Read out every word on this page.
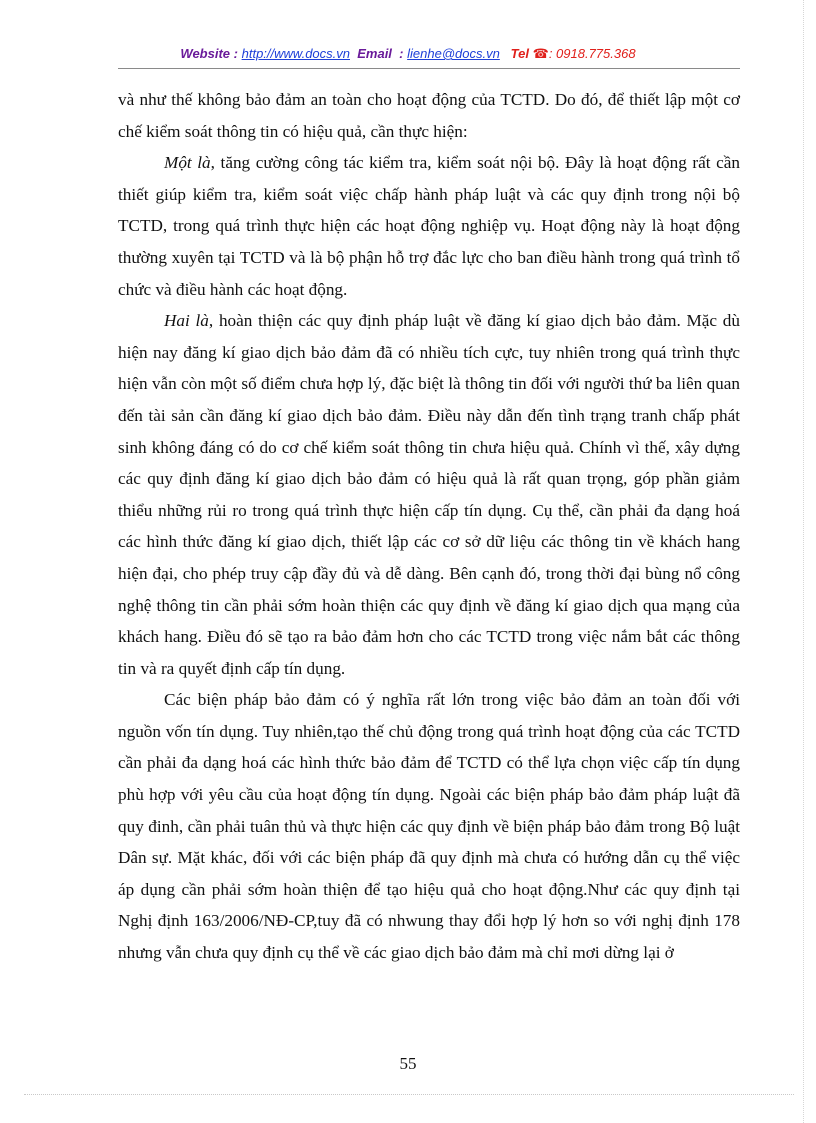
Website : http://www.docs.vn Email : lienhe@docs.vn Tel ☎: 0918.775.368

và như thế không bảo đảm an toàn cho hoạt động của TCTD. Do đó, để thiết lập một cơ chế kiểm soát thông tin có hiệu quả, cần thực hiện:

Một là, tăng cường công tác kiểm tra, kiểm soát nội bộ. Đây là hoạt động rất cần thiết giúp kiểm tra, kiểm soát việc chấp hành pháp luật và các quy định trong nội bộ TCTD, trong quá trình thực hiện các hoạt động nghiệp vụ. Hoạt động này là hoạt động thường xuyên tại TCTD và là bộ phận hỗ trợ đắc lực cho ban điều hành trong quá trình tổ chức và điều hành các hoạt động.

Hai là, hoàn thiện các quy định pháp luật về đăng kí giao dịch bảo đảm. Mặc dù hiện nay đăng kí giao dịch bảo đảm đã có nhiều tích cực, tuy nhiên trong quá trình thực hiện vẫn còn một số điểm chưa hợp lý, đặc biệt là thông tin đối với người thứ ba liên quan đến tài sản cần đăng kí giao dịch bảo đảm. Điều này dẫn đến tình trạng tranh chấp phát sinh không đáng có do cơ chế kiểm soát thông tin chưa hiệu quả. Chính vì thế, xây dựng các quy định đăng kí giao dịch bảo đảm có hiệu quả là rất quan trọng, góp phần giảm thiểu những rủi ro trong quá trình thực hiện cấp tín dụng. Cụ thể, cần phải đa dạng hoá các hình thức đăng kí giao dịch, thiết lập các cơ sở dữ liệu các thông tin về khách hang hiện đại, cho phép truy cập đầy đủ và dễ dàng. Bên cạnh đó, trong thời đại bùng nổ công nghệ thông tin cần phải sớm hoàn thiện các quy định về đăng kí giao dịch qua mạng của khách hang. Điều đó sẽ tạo ra bảo đảm hơn cho các TCTD trong việc nắm bắt các thông tin và ra quyết định cấp tín dụng.

Các biện pháp bảo đảm có ý nghĩa rất lớn trong việc bảo đảm an toàn đối với nguồn vốn tín dụng. Tuy nhiên,tạo thế chủ động trong quá trình hoạt động của các TCTD cần phải đa dạng hoá các hình thức bảo đảm để TCTD có thể lựa chọn việc cấp tín dụng phù hợp với yêu cầu của hoạt động tín dụng. Ngoài các biện pháp bảo đảm pháp luật đã quy đinh, cần phải tuân thủ và thực hiện các quy định về biện pháp bảo đảm trong Bộ luật Dân sự. Mặt khác, đối với các biện pháp đã quy định mà chưa có hướng dẫn cụ thể việc áp dụng cần phải sớm hoàn thiện để tạo hiệu quả cho hoạt động.Như các quy định tại Nghị định 163/2006/NĐ-CP,tuy đã có nhwung thay đổi hợp lý hơn so với nghị định 178 nhưng vẫn chưa quy định cụ thể về các giao dịch bảo đảm mà chỉ mơi dừng lại ở

55
